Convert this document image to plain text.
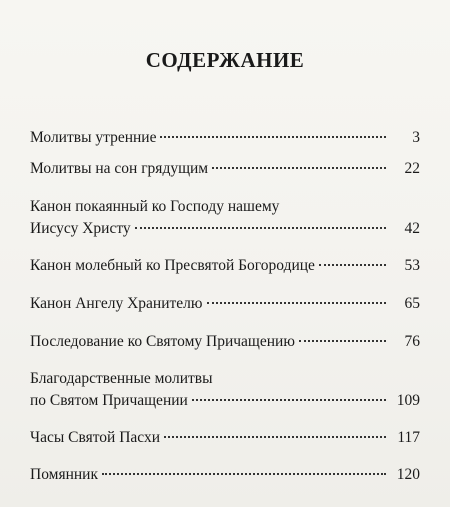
СОДЕРЖАНИЕ
Молитвы утренние	3
Молитвы на сон грядущим	22
Канон покаянный ко Господу нашему
Иисусу Христу	42
Канон молебный ко Пресвятой Богородице	53
Канон Ангелу Хранителю	65
Последование ко Святому Причащению	76
Благодарственные молитвы
по Святом Причащении	109
Часы Святой Пасхи	117
Помянник	120
